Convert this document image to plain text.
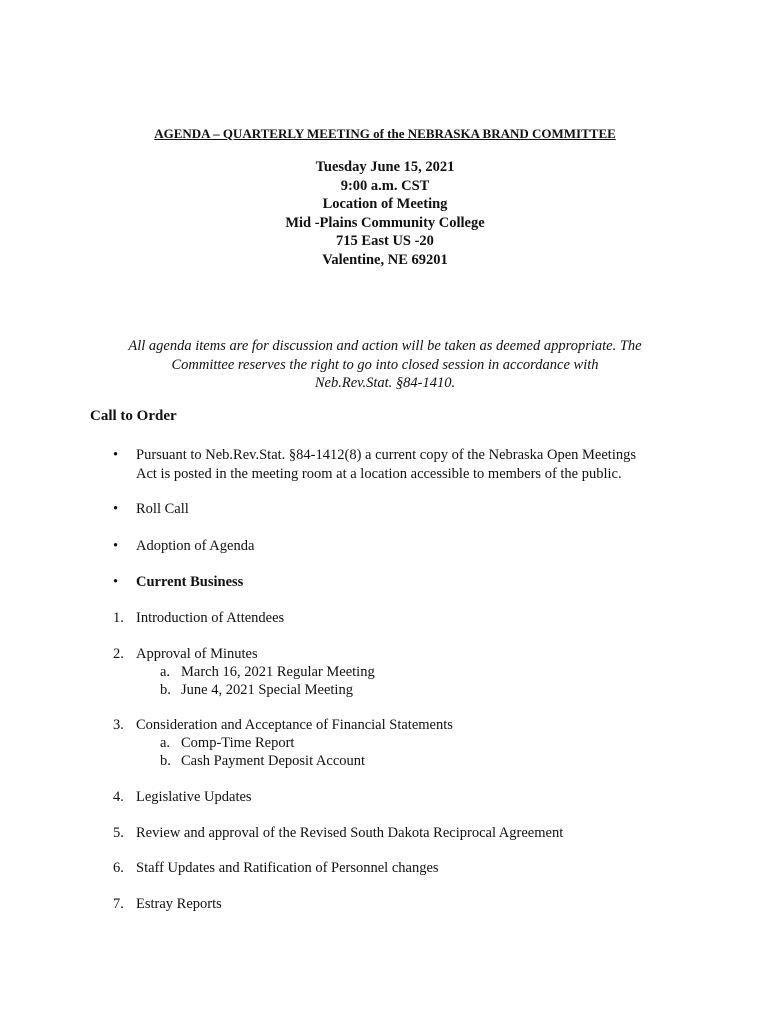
AGENDA – QUARTERLY MEETING of the NEBRASKA BRAND COMMITTEE
Tuesday June 15, 2021
9:00 a.m. CST
Location of Meeting
Mid -Plains Community College
715 East US -20
Valentine, NE 69201
All agenda items are for discussion and action will be taken as deemed appropriate. The
Committee reserves the right to go into closed session in accordance with
Neb.Rev.Stat. §84-1410.
Call to Order
•	Pursuant to Neb.Rev.Stat. §84-1412(8) a current copy of the Nebraska Open Meetings
Act is posted in the meeting room at a location accessible to members of the public.
•	Roll Call
•	Adoption of Agenda
•	Current Business
1. Introduction of Attendees
2. Approval of Minutes
a. March 16, 2021 Regular Meeting
b. June 4, 2021 Special Meeting
3. Consideration and Acceptance of Financial Statements
a. Comp-Time Report
b. Cash Payment Deposit Account
4. Legislative Updates
5. Review and approval of the Revised South Dakota Reciprocal Agreement
6. Staff Updates and Ratification of Personnel changes
7. Estray Reports
